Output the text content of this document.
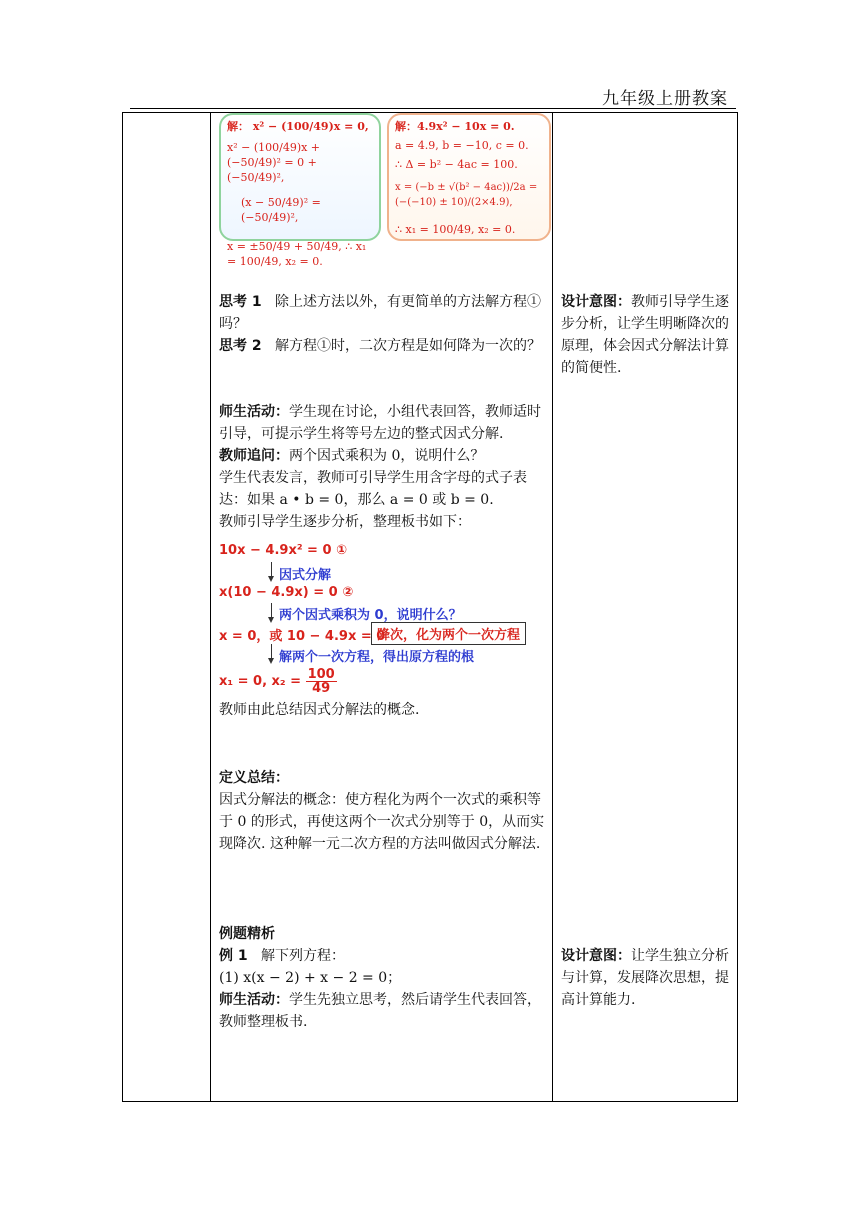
九年级上册教案
解： x² − (100/49)x = 0,
x² − (100/49)x + (−50/49)² = 0 + (−50/49)²,
(x − 50/49)² = (−50/49)²,
x = ±50/49 + 50/49, ∴ x₁ = 100/49, x₂ = 0.
解：4.9x² − 10x = 0.
a = 4.9, b = −10, c = 0.
∴ Δ = b² − 4ac = 100.
x = (−b ± √(b² − 4ac))/2a = (−(−10) ± 10)/(2×4.9),
∴ x₁ = 100/49, x₂ = 0.

思考 1 除上述方法以外，有更简单的方法解方程①吗？

思考 2 解方程①时，二次方程是如何降为一次的？

设计意图：教师引导学生逐步分析，让学生明晰降次的原理，体会因式分解法计算的简便性.

师生活动：学生现在讨论，小组代表回答，教师适时引导，可提示学生将等号左边的整式因式分解.

教师追问：两个因式乘积为 0，说明什么？

学生代表发言，教师可引导学生用含字母的式子表达：如果 a • b = 0，那么 a = 0 或 b = 0.

教师引导学生逐步分析，整理板书如下：

10x − 4.9x² = 0 ①
因式分解
x(10 − 4.9x) = 0 ②
两个因式乘积为 0，说明什么？
x = 0，或 10 − 4.9x = 0
降次，化为两个一次方程
解两个一次方程，得出原方程的根
x₁ = 0, $x_2 = \frac{100}{49}$
教师由此总结因式分解法的概念.

定义总结：

因式分解法的概念：使方程化为两个一次式的乘积等于 0 的形式，再使这两个一次式分别等于 0，从而实现降次. 这种解一元二次方程的方法叫做因式分解法.

例题精析

例 1 解下列方程：

(1) x(x − 2) + x − 2 = 0；

师生活动：学生先独立思考，然后请学生代表回答，教师整理板书.

设计意图：让学生独立分析与计算，发展降次思想，提高计算能力.
